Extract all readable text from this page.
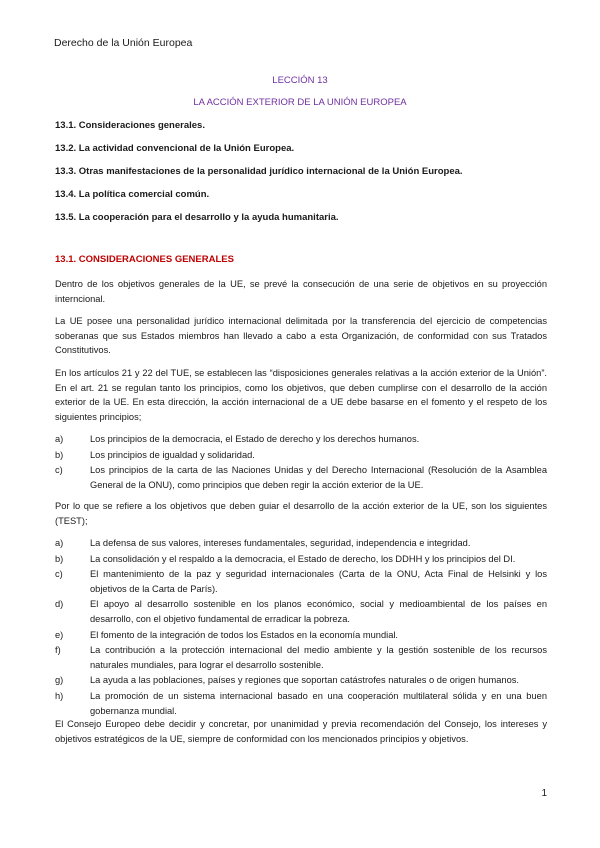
Derecho de la Unión Europea
LECCIÓN 13
LA ACCIÓN EXTERIOR DE LA UNIÓN EUROPEA
13.1. Consideraciones generales.
13.2. La actividad convencional de la Unión Europea.
13.3. Otras manifestaciones de la personalidad jurídico internacional de la Unión Europea.
13.4. La política comercial común.
13.5. La cooperación para el desarrollo y la ayuda humanitaria.
13.1. CONSIDERACIONES GENERALES
Dentro de los objetivos generales de la UE, se prevé la consecución de una serie de objetivos en su proyección interncional.
La UE posee una personalidad jurídico internacional delimitada por la transferencia del ejercicio de competencias soberanas que sus Estados miembros han llevado a cabo a esta Organización, de conformidad con sus Tratados Constitutivos.
En los artículos 21 y 22 del TUE, se establecen las “disposiciones generales relativas a la acción exterior de la Unión”. En el art. 21 se regulan tanto los principios, como los objetivos, que deben cumplirse con el desarrollo de la acción exterior de la UE. En esta dirección, la acción internacional de a UE debe basarse en el fomento y el respeto de los siguientes principios;
a)	Los principios de la democracia, el Estado de derecho y los derechos humanos.
b)	Los principios de igualdad y solidaridad.
c)	Los principios de la carta de las Naciones Unidas y del Derecho Internacional (Resolución de la Asamblea General de la ONU), como principios que deben regir la acción exterior de la UE.
Por lo que se refiere a los objetivos que deben guiar el desarrollo de la acción exterior de la UE, son los siguientes (TEST);
a)	La defensa de sus valores, intereses fundamentales, seguridad, independencia e integridad.
b)	La consolidación y el respaldo a la democracia, el Estado de derecho, los DDHH y los principios del DI.
c)	El mantenimiento de la paz y seguridad internacionales (Carta de la ONU, Acta Final de Helsinki y los objetivos de la Carta de París).
d)	El apoyo al desarrollo sostenible en los planos económico, social y medioambiental de los países en desarrollo, con el objetivo fundamental de erradicar la pobreza.
e)	El fomento de la integración de todos los Estados en la economía mundial.
f)	La contribución a la protección internacional del medio ambiente y la gestión sostenible de los recursos naturales mundiales, para lograr el desarrollo sostenible.
g)	La ayuda a las poblaciones, países y regiones que soportan catástrofes naturales o de origen humanos.
h)	La promoción de un sistema internacional basado en una cooperación multilateral sólida y en una buen gobernanza mundial.
El Consejo Europeo debe decidir y concretar, por unanimidad y previa recomendación del Consejo, los intereses y objetivos estratégicos de la UE, siempre de conformidad con los mencionados principios y objetivos.
1
